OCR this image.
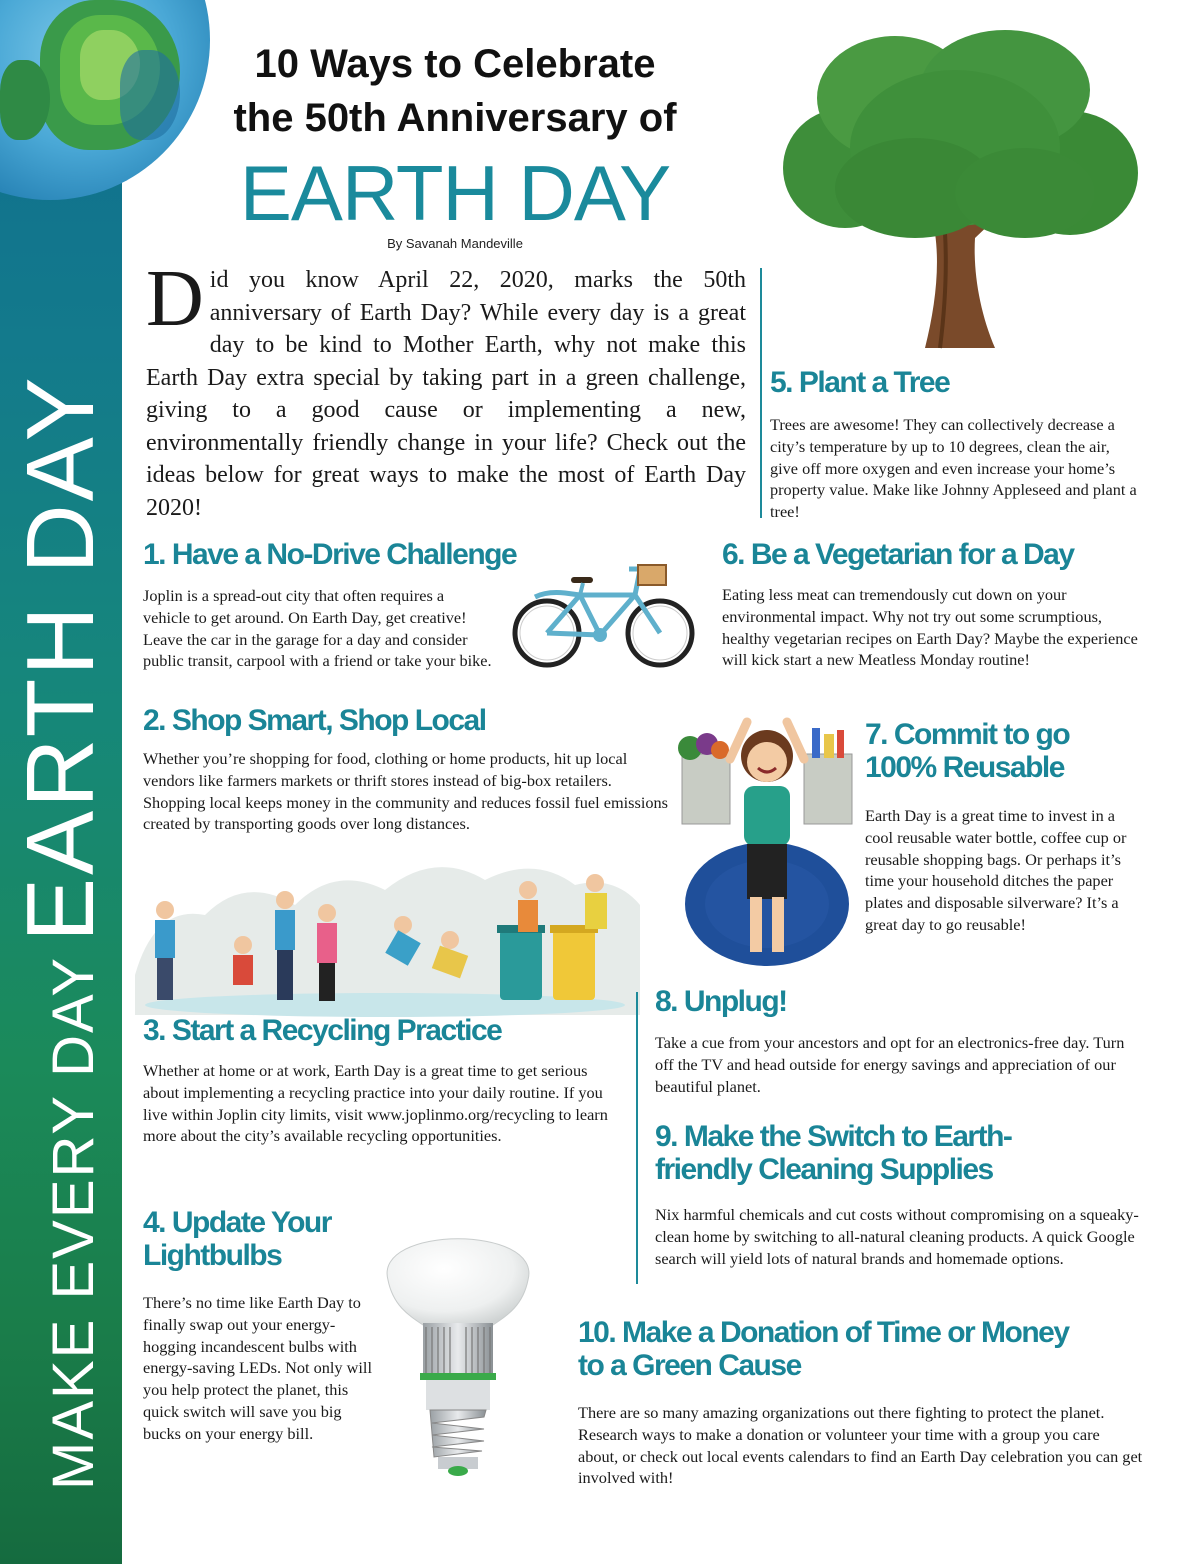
MAKE EVERY DAY
EARTH DAY
10 Ways to Celebrate
the 50th Anniversary of
EARTH DAY
By Savanah Mandeville
Did you know April 22, 2020, marks the 50th anniversary of Earth Day? While every day is a great day to be kind to Mother Earth, why not make this Earth Day extra special by taking part in a green challenge, giving to a good cause or implementing a new, environmentally friendly change in your life? Check out the ideas below for great ways to make the most of Earth Day 2020!
5. Plant a Tree
Trees are awesome! They can collectively decrease a city’s temperature by up to 10 degrees, clean the air, give off more oxygen and even increase your home’s property value. Make like Johnny Appleseed and plant a tree!
1. Have a No-Drive Challenge
Joplin is a spread-out city that often requires a vehicle to get around. On Earth Day, get creative! Leave the car in the garage for a day and consider public transit, carpool with a friend or take your bike.
6. Be a Vegetarian for a Day
Eating less meat can tremendously cut down on your environmental impact. Why not try out some scrumptious, healthy vegetarian recipes on Earth Day? Maybe the experience will kick start a new Meatless Monday routine!
2. Shop Smart, Shop Local
Whether you’re shopping for food, clothing or home products, hit up local vendors like farmers markets or thrift stores instead of big-box retailers. Shopping local keeps money in the community and reduces fossil fuel emissions created by transporting goods over long distances.
7. Commit to go 100% Reusable
Earth Day is a great time to invest in a cool reusable water bottle, coffee cup or reusable shopping bags. Or perhaps it’s time your household ditches the paper plates and disposable silverware? It’s a great day to go reusable!
3. Start a Recycling Practice
Whether at home or at work, Earth Day is a great time to get serious about implementing a recycling practice into your daily routine. If you live within Joplin city limits, visit www.joplinmo.org/recycling to learn more about the city’s available recycling opportunities.
8. Unplug!
Take a cue from your ancestors and opt for an electronics-free day. Turn off the TV and head outside for energy savings and appreciation of our beautiful planet.
9. Make the Switch to Earth-friendly Cleaning Supplies
Nix harmful chemicals and cut costs without compromising on a squeaky-clean home by switching to all-natural cleaning products. A quick Google search will yield lots of natural brands and homemade options.
4. Update Your Lightbulbs
There’s no time like Earth Day to finally swap out your energy-hogging incandescent bulbs with energy-saving LEDs. Not only will you help protect the planet, this quick switch will save you big bucks on your energy bill.
10. Make a Donation of Time or Money to a Green Cause
There are so many amazing organizations out there fighting to protect the planet. Research ways to make a donation or volunteer your time with a group you care about, or check out local events calendars to find an Earth Day celebration you can get involved with!
